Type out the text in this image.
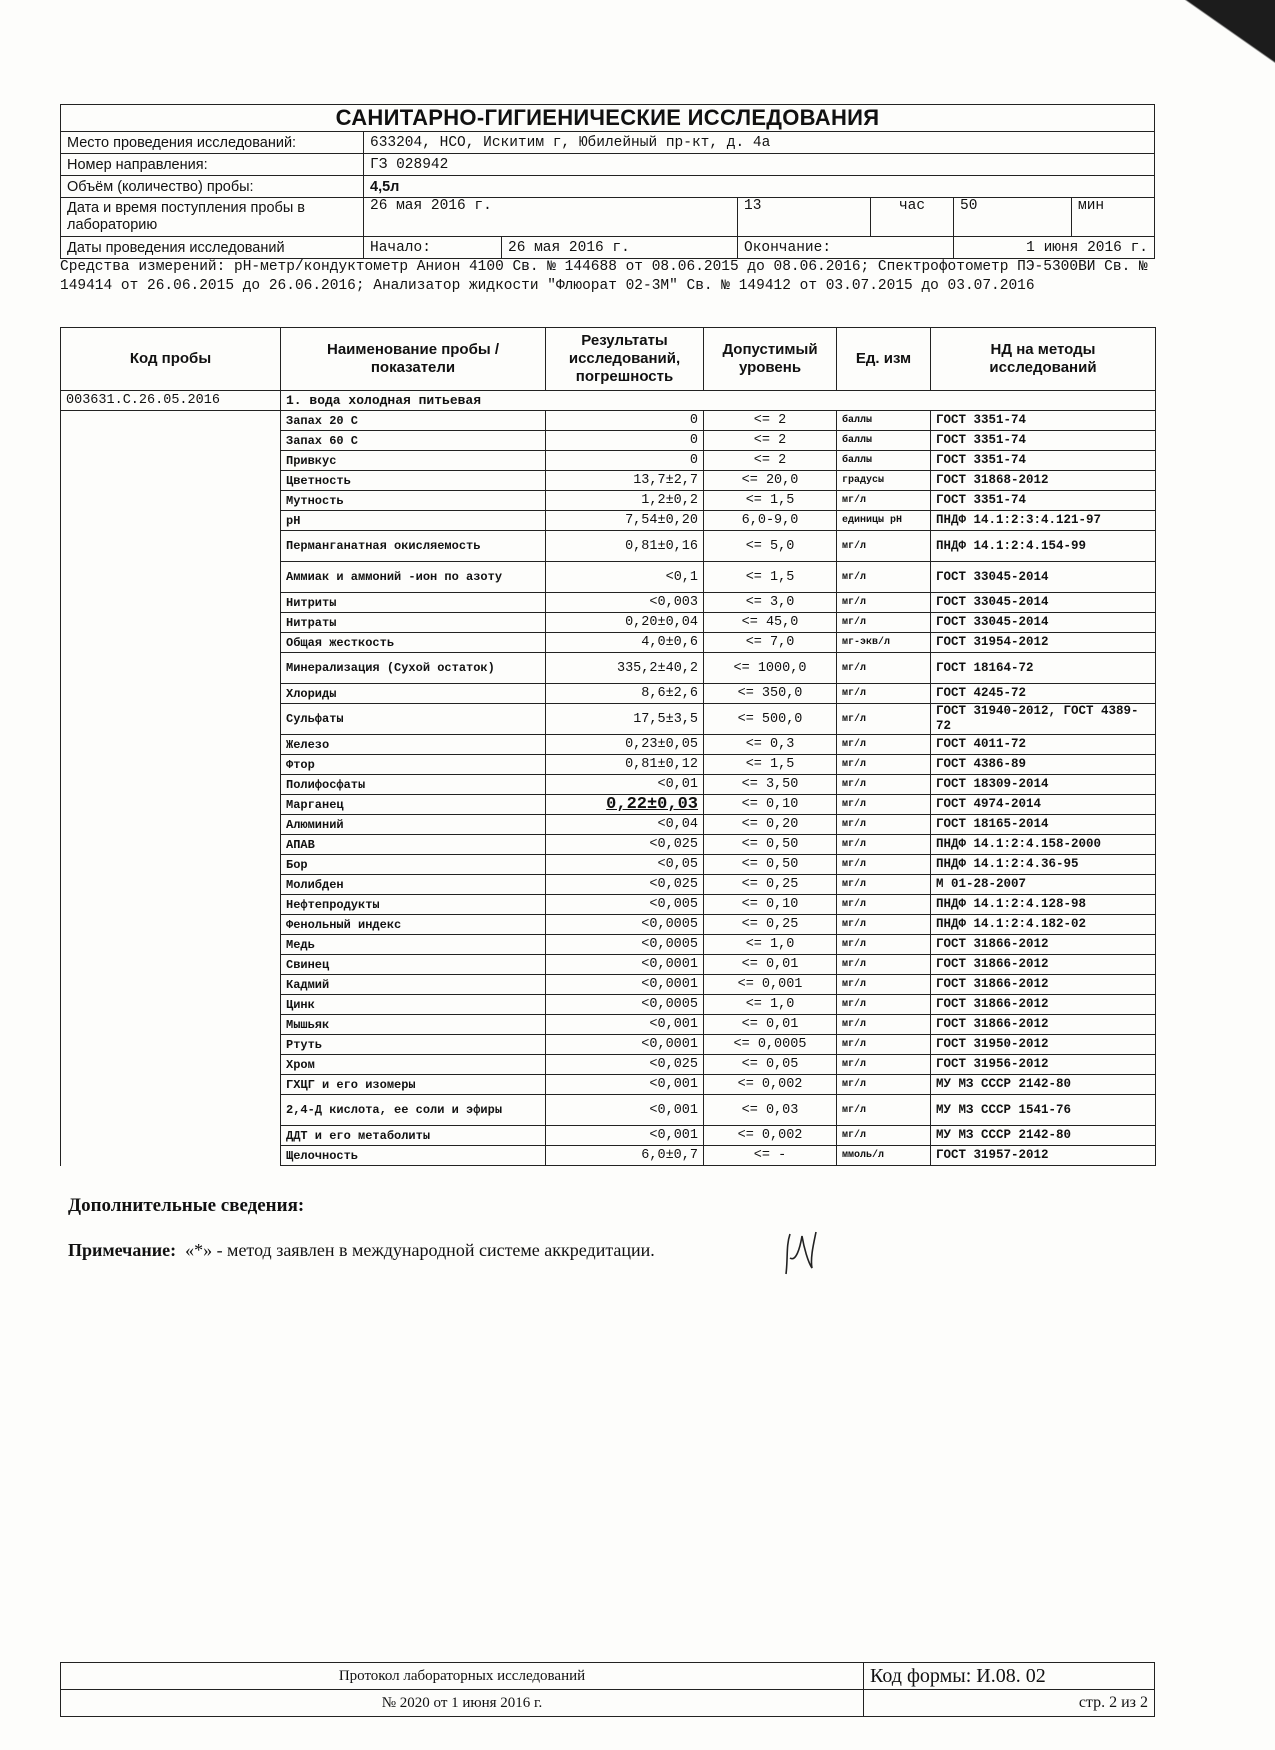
САНИТАРНО-ГИГИЕНИЧЕСКИЕ ИССЛЕДОВАНИЯ						
Место проведения исследований:	633204, НСО, Искитим г, Юбилейный пр-кт, д. 4а					
Номер направления:	ГЗ 028942					
Объём (количество) пробы:	4,5л					
Дата и время поступления пробы в лабораторию	26 мая 2016 г.		13	час	50	мин
Даты проведения исследований	Начало:	26 мая 2016 г.	Окончание:		1 июня 2016 г.	
Средства измерений: рН-метр/кондуктометр Анион 4100 Св. № 144688 от 08.06.2015 до 08.06.2016; Спектрофотометр ПЭ-5300ВИ Св. № 149414 от 26.06.2015 до 26.06.2016; Анализатор жидкости "Флюорат 02-3М" Св. № 149412 от 03.07.2015 до 03.07.2016
Код пробы	Наименование пробы / показатели	Результаты исследований, погрешность	Допустимый уровень	Ед. изм	НД на методы исследований
003631.С.26.05.2016	1. вода холодная питьевая				
	Запах 20 С	0	<= 2	баллы	ГОСТ 3351-74
	Запах 60 С	0	<= 2	баллы	ГОСТ 3351-74
	Привкус	0	<= 2	баллы	ГОСТ 3351-74
	Цветность	13,7±2,7	<= 20,0	градусы	ГОСТ 31868-2012
	Мутность	1,2±0,2	<= 1,5	мг/л	ГОСТ 3351-74
	pH	7,54±0,20	6,0-9,0	единицы pH	ПНДФ 14.1:2:3:4.121-97
	Перманганатная окисляемость	0,81±0,16	<= 5,0	мг/л	ПНДФ 14.1:2:4.154-99
	Аммиак и аммоний -ион по азоту	<0,1	<= 1,5	мг/л	ГОСТ 33045-2014
	Нитриты	<0,003	<= 3,0	мг/л	ГОСТ 33045-2014
	Нитраты	0,20±0,04	<= 45,0	мг/л	ГОСТ 33045-2014
	Общая жесткость	4,0±0,6	<= 7,0	мг-экв/л	ГОСТ 31954-2012
	Минерализация (Сухой остаток)	335,2±40,2	<= 1000,0	мг/л	ГОСТ 18164-72
	Хлориды	8,6±2,6	<= 350,0	мг/л	ГОСТ 4245-72
	Сульфаты	17,5±3,5	<= 500,0	мг/л	ГОСТ 31940-2012, ГОСТ 4389-72
	Железо	0,23±0,05	<= 0,3	мг/л	ГОСТ 4011-72
	Фтор	0,81±0,12	<= 1,5	мг/л	ГОСТ 4386-89
	Полифосфаты	<0,01	<= 3,50	мг/л	ГОСТ 18309-2014
	Марганец	0,22±0,03	<= 0,10	мг/л	ГОСТ 4974-2014
	Алюминий	<0,04	<= 0,20	мг/л	ГОСТ 18165-2014
	АПАВ	<0,025	<= 0,50	мг/л	ПНДФ 14.1:2:4.158-2000
	Бор	<0,05	<= 0,50	мг/л	ПНДФ 14.1:2:4.36-95
	Молибден	<0,025	<= 0,25	мг/л	М 01-28-2007
	Нефтепродукты	<0,005	<= 0,10	мг/л	ПНДФ 14.1:2:4.128-98
	Фенольный индекс	<0,0005	<= 0,25	мг/л	ПНДФ 14.1:2:4.182-02
	Медь	<0,0005	<= 1,0	мг/л	ГОСТ 31866-2012
	Свинец	<0,0001	<= 0,01	мг/л	ГОСТ 31866-2012
	Кадмий	<0,0001	<= 0,001	мг/л	ГОСТ 31866-2012
	Цинк	<0,0005	<= 1,0	мг/л	ГОСТ 31866-2012
	Мышьяк	<0,001	<= 0,01	мг/л	ГОСТ 31866-2012
	Ртуть	<0,0001	<= 0,0005	мг/л	ГОСТ 31950-2012
	Хром	<0,025	<= 0,05	мг/л	ГОСТ 31956-2012
	ГХЦГ и его изомеры	<0,001	<= 0,002	мг/л	МУ МЗ СССР 2142-80
	2,4-Д кислота, ее соли и эфиры	<0,001	<= 0,03	мг/л	МУ МЗ СССР 1541-76
	ДДТ и его метаболиты	<0,001	<= 0,002	мг/л	МУ МЗ СССР 2142-80
	Щелочность	6,0±0,7	<= -	ммоль/л	ГОСТ 31957-2012
Дополнительные сведения:
Примечание: «*» - метод заявлен в международной системе аккредитации.
Протокол лабораторных исследований	Код формы: И.08. 02
№ 2020 от 1 июня 2016 г.	стр. 2 из 2
